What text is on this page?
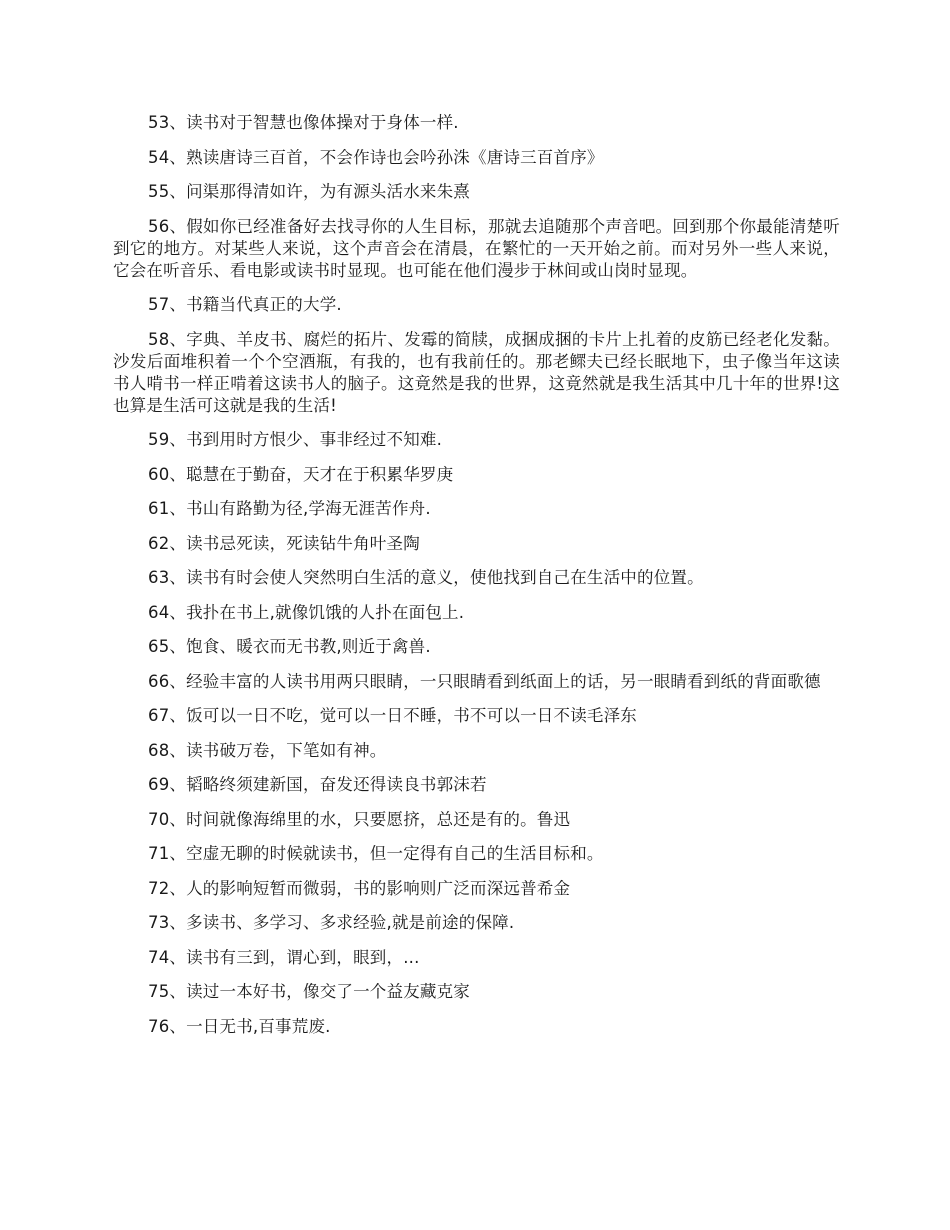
53、读书对于智慧也像体操对于身体一样.

54、熟读唐诗三百首，不会作诗也会吟孙洙《唐诗三百首序》

55、问渠那得清如许，为有源头活水来朱熹

56、假如你已经准备好去找寻你的人生目标，那就去追随那个声音吧。回到那个你最能清楚听到它的地方。对某些人来说，这个声音会在清晨，在繁忙的一天开始之前。而对另外一些人来说，它会在听音乐、看电影或读书时显现。也可能在他们漫步于林间或山岗时显现。

57、书籍当代真正的大学.

58、字典、羊皮书、腐烂的拓片、发霉的简牍，成捆成捆的卡片上扎着的皮筋已经老化发黏。沙发后面堆积着一个个空酒瓶，有我的，也有我前任的。那老鳏夫已经长眠地下，虫子像当年这读书人啃书一样正啃着这读书人的脑子。这竟然是我的世界，这竟然就是我生活其中几十年的世界!这也算是生活可这就是我的生活!

59、书到用时方恨少、事非经过不知难.

60、聪慧在于勤奋，天才在于积累华罗庚

61、书山有路勤为径,学海无涯苦作舟.

62、读书忌死读，死读钻牛角叶圣陶

63、读书有时会使人突然明白生活的意义，使他找到自己在生活中的位置。

64、我扑在书上,就像饥饿的人扑在面包上.

65、饱食、暖衣而无书教,则近于禽兽.

66、经验丰富的人读书用两只眼睛，一只眼睛看到纸面上的话，另一眼睛看到纸的背面歌德

67、饭可以一日不吃，觉可以一日不睡，书不可以一日不读毛泽东

68、读书破万卷，下笔如有神。

69、韬略终须建新国，奋发还得读良书郭沫若

70、时间就像海绵里的水，只要愿挤，总还是有的。鲁迅

71、空虚无聊的时候就读书，但一定得有自己的生活目标和。

72、人的影响短暂而微弱，书的影响则广泛而深远普希金

73、多读书、多学习、多求经验,就是前途的保障.

74、读书有三到，谓心到，眼到，...

75、读过一本好书，像交了一个益友藏克家

76、一日无书,百事荒废.
